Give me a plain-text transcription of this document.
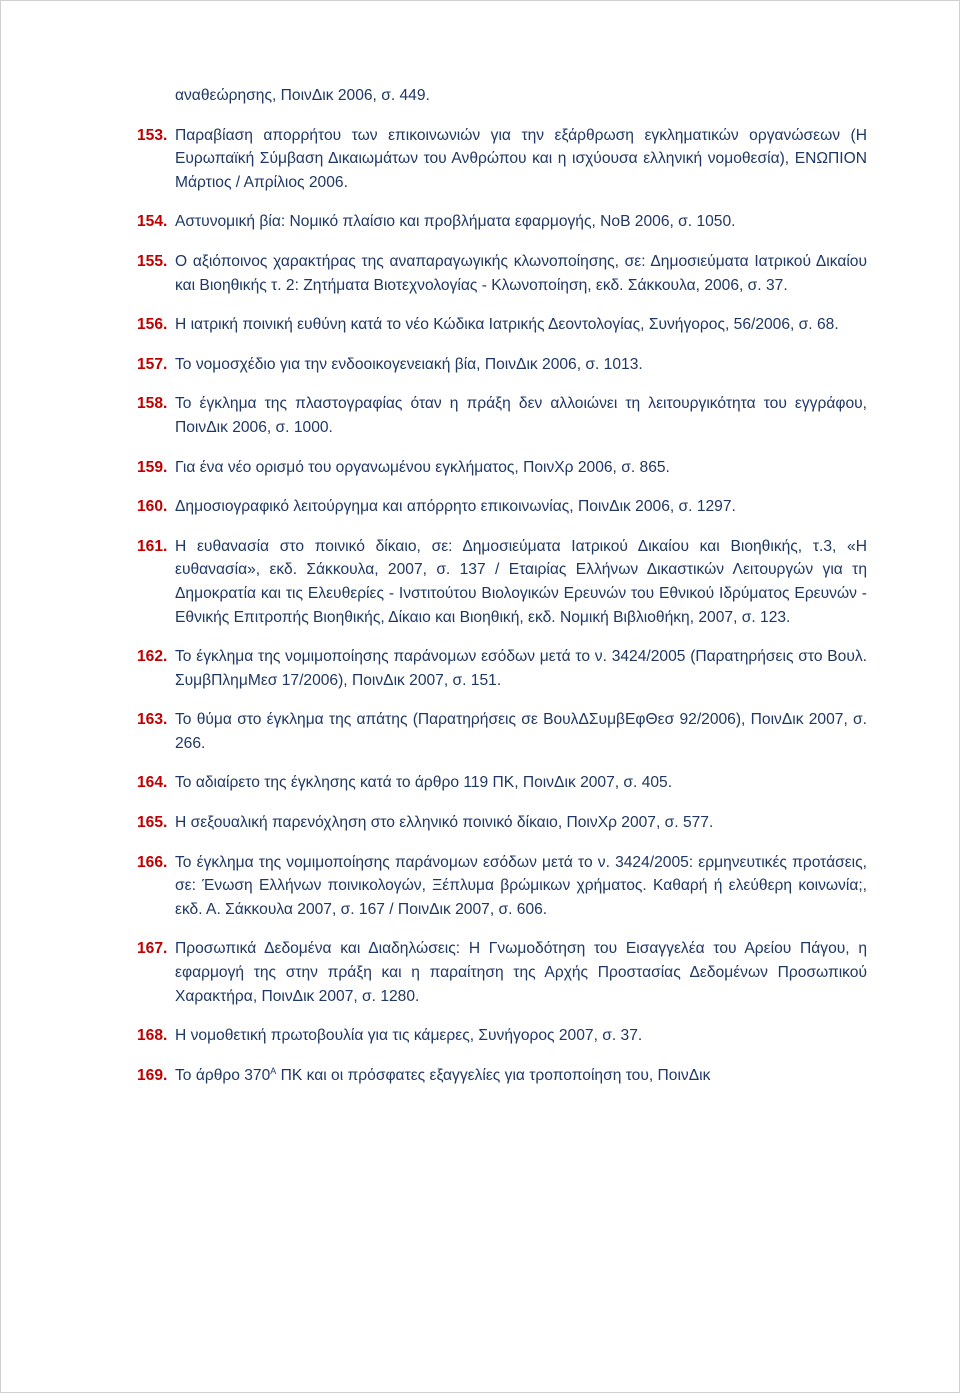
αναθεώρησης, ΠοινΔικ 2006, σ. 449.
153. Παραβίαση απορρήτου των επικοινωνιών για την εξάρθρωση εγκληματικών οργανώσεων (Η Ευρωπαϊκή Σύμβαση Δικαιωμάτων του Ανθρώπου και η ισχύουσα ελληνική νομοθεσία), ΕΝΩΠΙΟΝ Μάρτιος / Απρίλιος 2006.
154. Αστυνομική βία: Νομικό πλαίσιο και προβλήματα εφαρμογής, ΝοΒ 2006, σ. 1050.
155. Ο αξιόποινος χαρακτήρας της αναπαραγωγικής κλωνοποίησης, σε: Δημοσιεύματα Ιατρικού Δικαίου και Βιοηθικής τ. 2: Ζητήματα Βιοτεχνολογίας - Κλωνοποίηση, εκδ. Σάκκουλα, 2006, σ. 37.
156. Η ιατρική ποινική ευθύνη κατά το νέο Κώδικα Ιατρικής Δεοντολογίας, Συνήγορος, 56/2006, σ. 68.
157. Το νομοσχέδιο για την ενδοοικογενειακή βία, ΠοινΔικ 2006, σ. 1013.
158. Το έγκλημα της πλαστογραφίας όταν η πράξη δεν αλλοιώνει τη λειτουργικότητα του εγγράφου, ΠοινΔικ 2006, σ. 1000.
159. Για ένα νέο ορισμό του οργανωμένου εγκλήματος, ΠοινΧρ 2006, σ. 865.
160. Δημοσιογραφικό λειτούργημα και απόρρητο επικοινωνίας, ΠοινΔικ 2006, σ. 1297.
161. Η ευθανασία στο ποινικό δίκαιο, σε: Δημοσιεύματα Ιατρικού Δικαίου και Βιοηθικής, τ.3, «Η ευθανασία», εκδ. Σάκκουλα, 2007, σ. 137 / Εταιρίας Ελλήνων Δικαστικών Λειτουργών για τη Δημοκρατία και τις Ελευθερίες - Ινστιτούτου Βιολογικών Ερευνών του Εθνικού Ιδρύματος Ερευνών - Εθνικής Επιτροπής Βιοηθικής, Δίκαιο και Βιοηθική, εκδ. Νομική Βιβλιοθήκη, 2007, σ. 123.
162. Το έγκλημα της νομιμοποίησης παράνομων εσόδων μετά το ν. 3424/2005 (Παρατηρήσεις στο Βουλ. ΣυμβΠλημΜεσ 17/2006), ΠοινΔικ 2007, σ. 151.
163. Το θύμα στο έγκλημα της απάτης (Παρατηρήσεις σε ΒουλΔΣυμβΕφΘεσ 92/2006), ΠοινΔικ 2007, σ. 266.
164. Το αδιαίρετο της έγκλησης κατά το άρθρο 119 ΠΚ, ΠοινΔικ 2007, σ. 405.
165. Η σεξουαλική παρενόχληση στο ελληνικό ποινικό δίκαιο, ΠοινΧρ 2007, σ. 577.
166. Το έγκλημα της νομιμοποίησης παράνομων εσόδων μετά το ν. 3424/2005: ερμηνευτικές προτάσεις, σε: Ένωση Ελλήνων ποινικολογών, Ξέπλυμα βρώμικων χρήματος. Καθαρή ή ελεύθερη κοινωνία;, εκδ. Α. Σάκκουλα 2007, σ. 167 / ΠοινΔικ 2007, σ. 606.
167. Προσωπικά Δεδομένα και Διαδηλώσεις: Η Γνωμοδότηση του Εισαγγελέα του Αρείου Πάγου, η εφαρμογή της στην πράξη και η παραίτηση της Αρχής Προστασίας Δεδομένων Προσωπικού Χαρακτήρα, ΠοινΔικ 2007, σ. 1280.
168. Η νομοθετική πρωτοβουλία για τις κάμερες, Συνήγορος 2007, σ. 37.
169. Το άρθρο $370^A$ ΠΚ και οι πρόσφατες εξαγγελίες για τροποποίηση του, ΠοινΔικ
